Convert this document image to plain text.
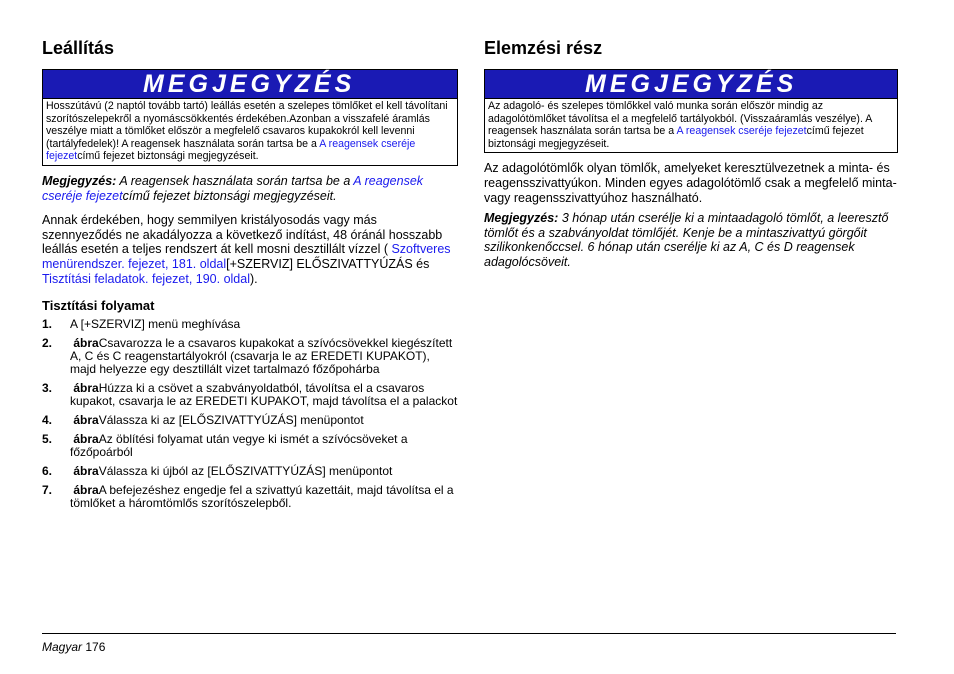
Leállítás
MEGJEGYZÉS
Hosszútávú (2 naptól tovább tartó) leállás esetén a szelepes tömlőket el kell távolítani szorítószelepekről a nyomáscsökkentés érdekében.Azonban a visszafelé áramlás veszélye miatt a tömlőket először a megfelelő csavaros kupakokról kell levenni (tartályfedelek)! A reagensek használata során tartsa be a A reagensek cseréje fejezetcímű fejezet biztonsági megjegyzéseit.

Megjegyzés: A reagensek használata során tartsa be a A reagensek cseréje fejezetcímű fejezet biztonsági megjegyzéseit.

Annak érdekében, hogy semmilyen kristályosodás vagy más szennyeződés ne akadályozza a következő indítást, 48 óránál hosszabb leállás esetén a teljes rendszert át kell mosni desztillált vízzel ( Szoftveres menürendszer. fejezet, 181. oldal[+SZERVIZ] ELŐSZIVATTYÚZÁS és Tisztítási feladatok. fejezet, 190. oldal).

Tisztítási folyamat
1. A [+SZERVIZ] menü meghívása
2. ábraCsavarozza le a csavaros kupakokat a szívócsövekkel kiegészített A, C és C reagenstartályokról (csavarja le az EREDETI KUPAKOT), majd helyezze egy desztillált vizet tartalmazó főzőpohárba
3. ábraHúzza ki a csövet a szabványoldatból, távolítsa el a csavaros kupakot, csavarja le az EREDETI KUPAKOT, majd távolítsa el a palackot
4. ábraVálassza ki az [ELŐSZIVATTYÚZÁS] menüpontot
5. ábraAz öblítési folyamat után vegye ki ismét a szívócsöveket a főzőpoárból
6. ábraVálassza ki újból az [ELŐSZIVATTYÚZÁS] menüpontot
7. ábraA befejezéshez engedje fel a szivattyú kazettáit, majd távolítsa el a tömlőket a háromtömlős szorítószelepből.
Elemzési rész
MEGJEGYZÉS
Az adagoló- és szelepes tömlőkkel való munka során először mindig az adagolótömlőket távolítsa el a megfelelő tartályokból. (Visszaáramlás veszélye). A reagensek használata során tartsa be a A reagensek cseréje fejezetcímű fejezet biztonsági megjegyzéseit.

Az adagolótömlők olyan tömlők, amelyeket keresztülvezetnek a minta- és reagensszivattyúkon. Minden egyes adagolótömlő csak a megfelelő minta- vagy reagensszivattyúhoz használható.

Megjegyzés: 3 hónap után cserélje ki a mintaadagoló tömlőt, a leeresztő tömlőt és a szabványoldat tömlőjét. Kenje be a mintaszivattyú görgőit szilikonkenőccsel. 6 hónap után cserélje ki az A, C és D reagensek adagolócsöveit.

Magyar 176
